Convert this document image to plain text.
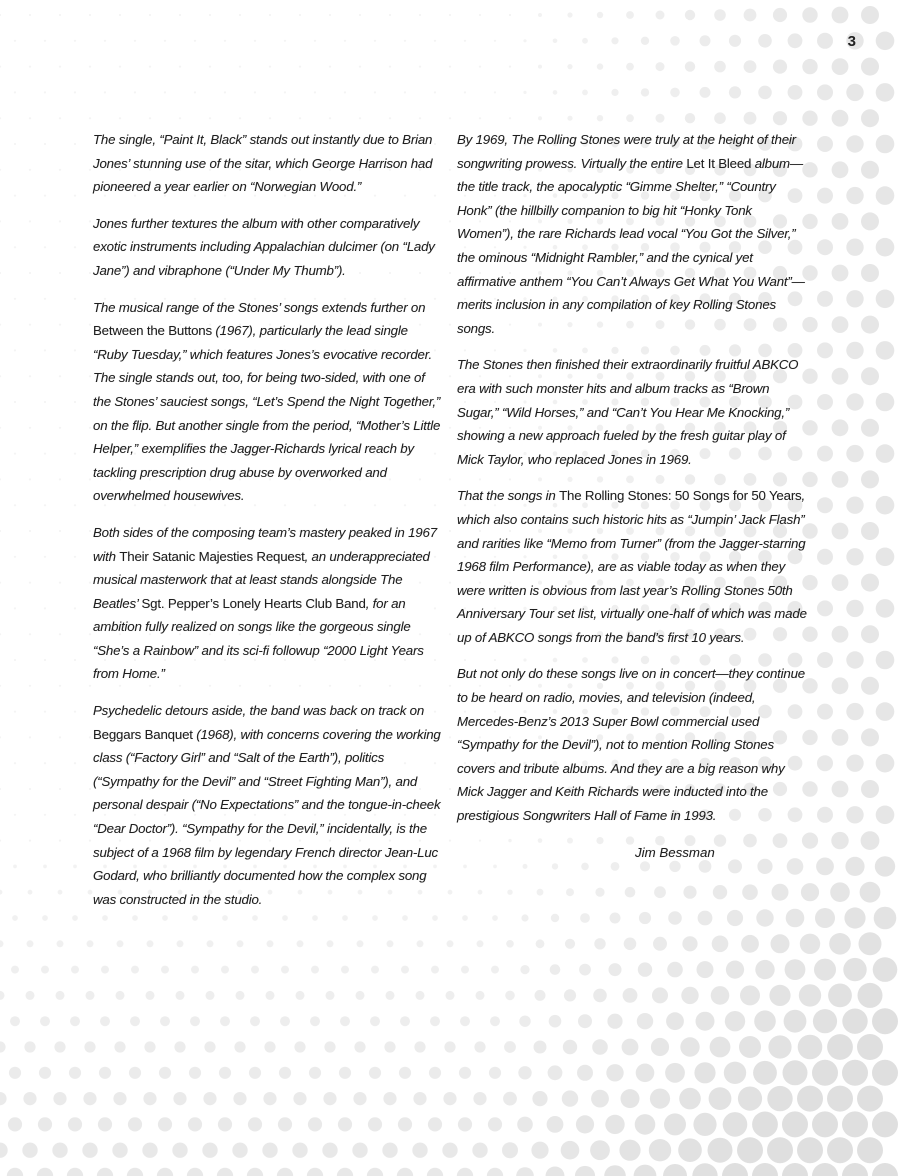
3

The single, “Paint It, Black” stands out instantly due to Brian Jones’ stunning use of the sitar, which George Harrison had pioneered a year earlier on “Norwegian Wood.”

Jones further textures the album with other comparatively exotic instruments including Appalachian dulcimer (on “Lady Jane”) and vibraphone (“Under My Thumb”).

The musical range of the Stones’ songs extends further on Between the Buttons (1967), particularly the lead single “Ruby Tuesday,” which features Jones’s evocative recorder. The single stands out, too, for being two-sided, with one of the Stones’ sauciest songs, “Let’s Spend the Night Together,” on the flip. But another single from the period, “Mother’s Little Helper,” exemplifies the Jagger-Richards lyrical reach by tackling prescription drug abuse by overworked and overwhelmed housewives.

Both sides of the composing team’s mastery peaked in 1967 with Their Satanic Majesties Request, an underappreciated musical masterwork that at least stands alongside The Beatles’ Sgt. Pepper’s Lonely Hearts Club Band, for an ambition fully realized on songs like the gorgeous single “She’s a Rainbow” and its sci-fi followup “2000 Light Years from Home.”

Psychedelic detours aside, the band was back on track on Beggars Banquet (1968), with concerns covering the working class (“Factory Girl” and “Salt of the Earth”), politics (“Sympathy for the Devil” and “Street Fighting Man”), and personal despair (“No Expectations” and the tongue-in-cheek “Dear Doctor”). “Sympathy for the Devil,” incidentally, is the subject of a 1968 film by legendary French director Jean-Luc Godard, who brilliantly documented how the complex song was constructed in the studio.

By 1969, The Rolling Stones were truly at the height of their songwriting prowess. Virtually the entire Let It Bleed album—the title track, the apocalyptic “Gimme Shelter,” “Country Honk” (the hillbilly companion to big hit “Honky Tonk Women”), the rare Richards lead vocal “You Got the Silver,” the ominous “Midnight Rambler,” and the cynical yet affirmative anthem “You Can’t Always Get What You Want”—merits inclusion in any compilation of key Rolling Stones songs.

The Stones then finished their extraordinarily fruitful ABKCO era with such monster hits and album tracks as “Brown Sugar,” “Wild Horses,” and “Can’t You Hear Me Knocking,” showing a new approach fueled by the fresh guitar play of Mick Taylor, who replaced Jones in 1969.

That the songs in The Rolling Stones: 50 Songs for 50 Years, which also contains such historic hits as “Jumpin’ Jack Flash” and rarities like “Memo from Turner” (from the Jagger-starring 1968 film Performance), are as viable today as when they were written is obvious from last year’s Rolling Stones 50th Anniversary Tour set list, virtually one-half of which was made up of ABKCO songs from the band’s first 10 years.

But not only do these songs live on in concert—they continue to be heard on radio, movies, and television (indeed, Mercedes-Benz’s 2013 Super Bowl commercial used “Sympathy for the Devil”), not to mention Rolling Stones covers and tribute albums. And they are a big reason why Mick Jagger and Keith Richards were inducted into the prestigious Songwriters Hall of Fame in 1993.

Jim Bessman
